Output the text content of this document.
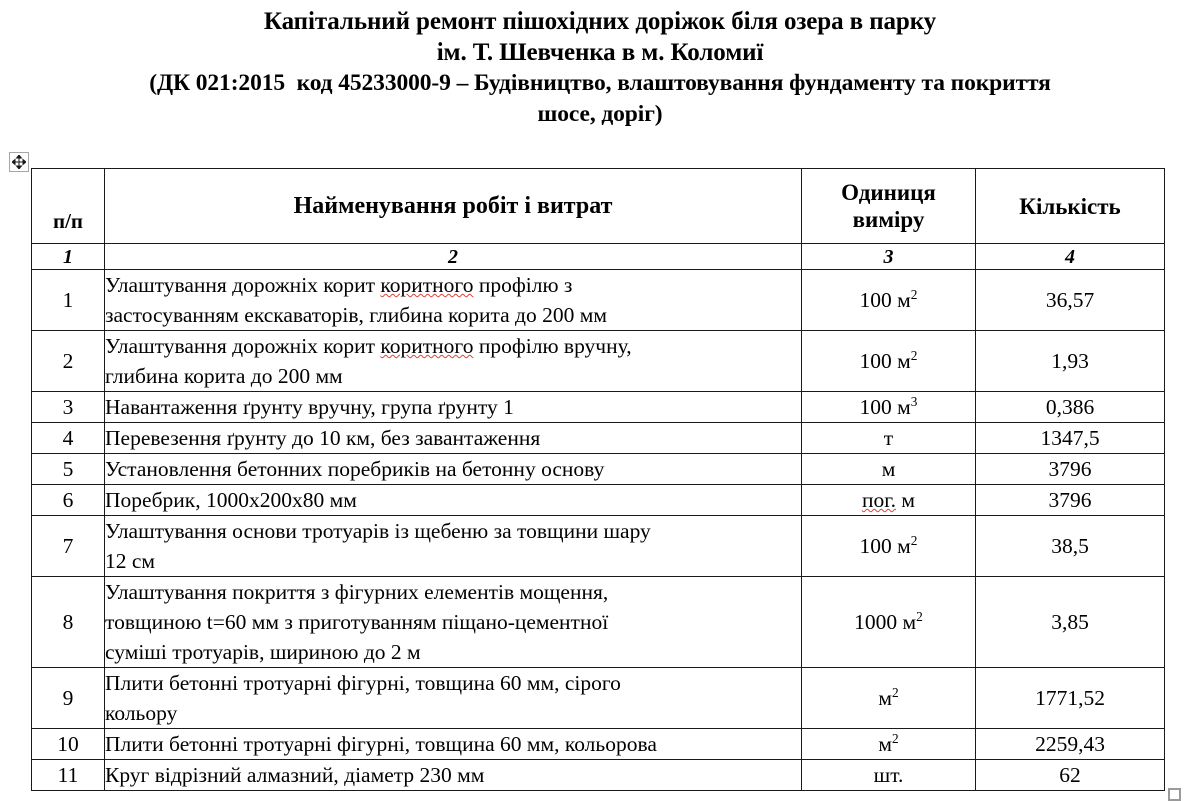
Капітальний ремонт пішохідних доріжок біля озера в парку
ім. Т. Шевченка в м. Коломиї
(ДК 021:2015  код 45233000-9 – Будівництво, влаштовування фундаменту та покриття
шосе, доріг)
п/п	Найменування робіт і витрат	Одиниця
виміру	Кількість
1	2	3	4
1	Улаштування дорожніх корит коритного профілю з
застосуванням екскаваторів, глибина корита до 200 мм	100 $м^2$	36,57
2	Улаштування дорожніх корит коритного профілю вручну,
глибина корита до 200 мм	100 $м^2$	1,93
3	Навантаження ґрунту вручну, група ґрунту 1	100 $м^3$	0,386
4	Перевезення ґрунту до 10 км, без завантаження	т	1347,5
5	Установлення бетонних поребриків на бетонну основу	м	3796
6	Поребрик, 1000х200х80 мм	пог. м	3796
7	Улаштування основи тротуарів із щебеню за товщини шару
12 см	100 $м^2$	38,5
8	Улаштування покриття з фігурних елементів мощення,
товщиною t=60 мм з приготуванням піщано-цементної
суміші тротуарів, шириною до 2 м	1000 $м^2$	3,85
9	Плити бетонні тротуарні фігурні, товщина 60 мм, сірого
кольору	$м^2$	1771,52
10	Плити бетонні тротуарні фігурні, товщина 60 мм, кольорова	$м^2$	2259,43
11	Круг відрізний алмазний, діаметр 230 мм	шт.	62
